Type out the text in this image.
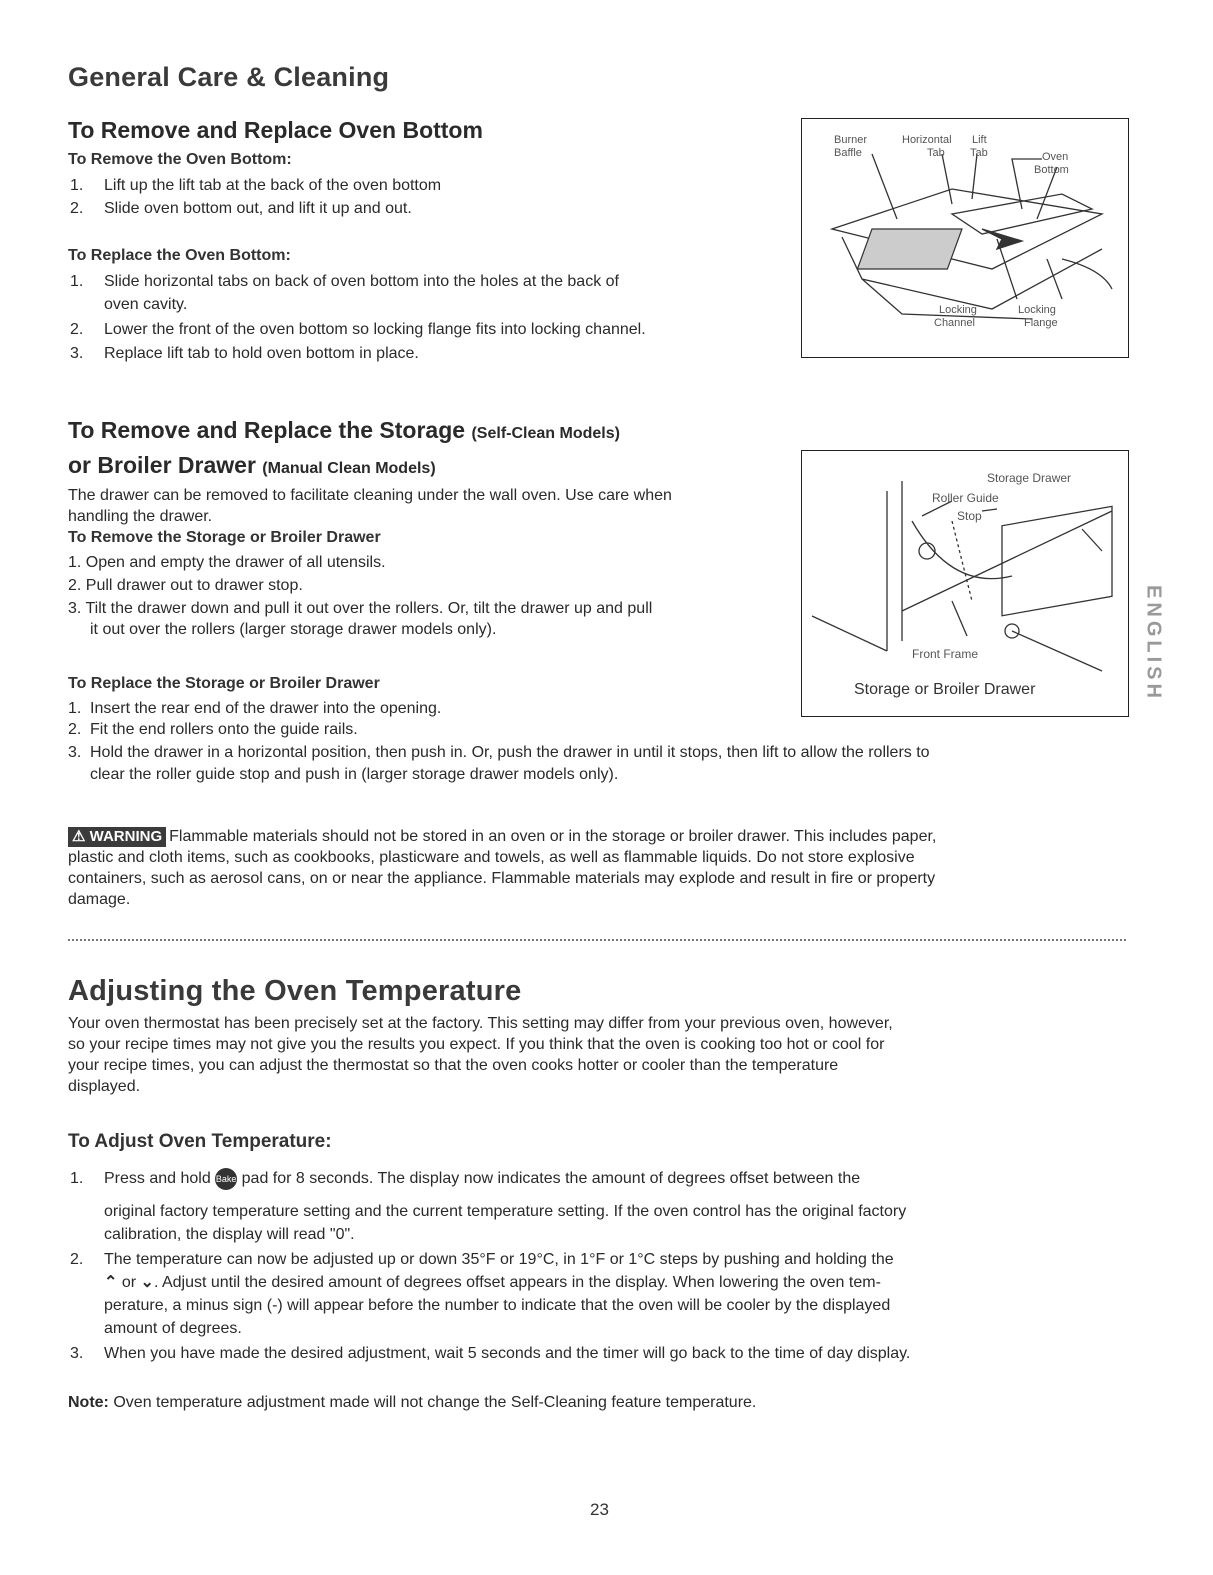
General Care & Cleaning
To Remove and Replace Oven Bottom
To Remove the Oven Bottom:
1. Lift up the lift tab at the back of the oven bottom
2. Slide oven bottom out, and lift it up and out.
To Replace the Oven Bottom:
1. Slide horizontal tabs on back of oven bottom into the holes at the back of
oven cavity.
2. Lower the front of the oven bottom so locking flange fits into locking channel.
3. Replace lift tab to hold oven bottom in place.
Burner
Baffle
Horizontal
Tab
Lift
Tab	Oven
Bottom
Locking
Channel
Locking
Flange
To Remove and Replace the Storage (Self-Clean Models)
or Broiler Drawer (Manual Clean Models)
The drawer can be removed to facilitate cleaning under the wall oven. Use care when
handling the drawer.
To Remove the Storage or Broiler Drawer
1. Open and empty the drawer of all utensils.
2. Pull drawer out to drawer stop.
3. Tilt the drawer down and pull it out over the rollers. Or, tilt the drawer up and pull
it out over the rollers (larger storage drawer models only).
To Replace the Storage or Broiler Drawer
1. Insert the rear end of the drawer into the opening.
2. Fit the end rollers onto the guide rails.
3. Hold the drawer in a horizontal position, then push in. Or, push the drawer in until it stops, then lift to allow the rollers to
clear the roller guide stop and push in (larger storage drawer models only).
Storage Drawer
Roller Guide
Stop
Front Frame
Storage or Broiler Drawer	ENGLISH
⚠ WARNING Flammable materials should not be stored in an oven or in the storage or broiler drawer. This includes paper,
plastic and cloth items, such as cookbooks, plasticware and towels, as well as flammable liquids. Do not store explosive
containers, such as aerosol cans, on or near the appliance. Flammable materials may explode and result in fire or property
damage.
Adjusting the Oven Temperature
Your oven thermostat has been precisely set at the factory. This setting may differ from your previous oven, however,
so your recipe times may not give you the results you expect. If you think that the oven is cooking too hot or cool for
your recipe times, you can adjust the thermostat so that the oven cooks hotter or cooler than the temperature
displayed.
To Adjust Oven Temperature:
1. Press and hold Bake pad for 8 seconds. The display now indicates the amount of degrees offset between the
original factory temperature setting and the current temperature setting. If the oven control has the original factory
calibration, the display will read "0".
2. The temperature can now be adjusted up or down 35°F or 19°C, in 1°F or 1°C steps by pushing and holding the
⌃ or ⌄. Adjust until the desired amount of degrees offset appears in the display. When lowering the oven tem-
perature, a minus sign (-) will appear before the number to indicate that the oven will be cooler by the displayed
amount of degrees.
3. When you have made the desired adjustment, wait 5 seconds and the timer will go back to the time of day display.
Note: Oven temperature adjustment made will not change the Self-Cleaning feature temperature.
23
